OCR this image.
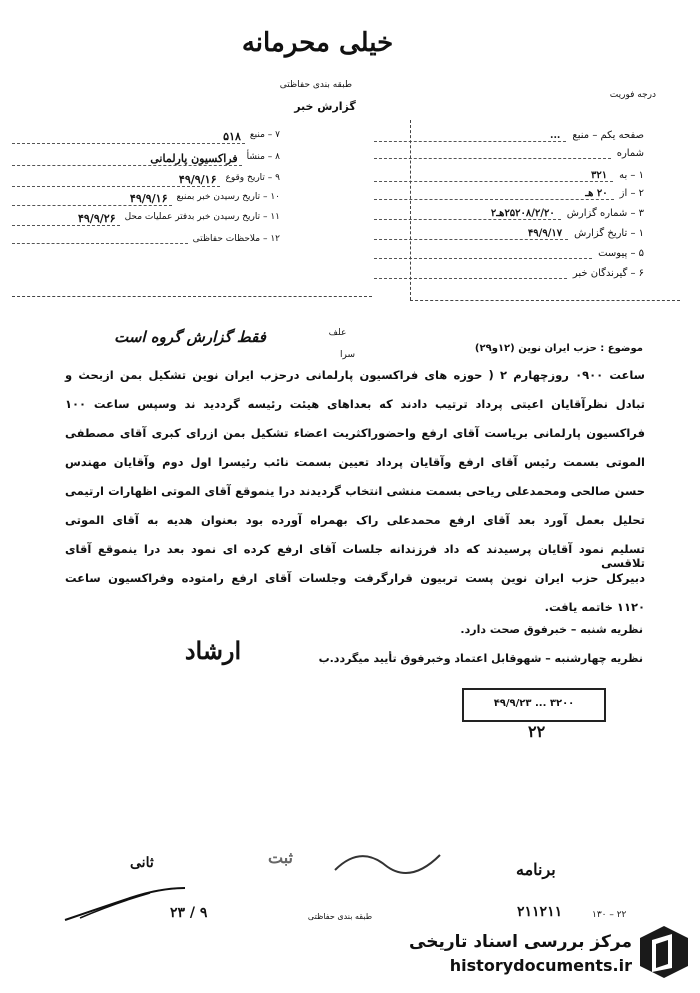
خیلی محرمانه
طبقه بندی حفاظتی
گزارش خبر
درجه فوریت
صفحه یکم – منبع
...
شماره
۱ – به
۳۲۱
۲ – از
۲۰ هـ
۳ – شماره گزارش
۲۵۲۰۸/۲/۲۰هـ۲
۱ – تاریخ گزارش
۴۹/۹/۱۷
۵ – پیوست
۶ – گیرندگان خبر
۷ – منبع
۵۱۸
۸ – منشأ
فراکسیون پارلمانی
۹ – تاریخ وقوع
۴۹/۹/۱۶
۱۰ – تاریخ رسیدن خبر بمنبع
۴۹/۹/۱۶
۱۱ – تاریخ رسیدن خبر بدفتر عملیات محل
۴۹/۹/۲۶
۱۲ – ملاحظات حفاظتی
فقط گزارش گروه است	علف
سرا
موضوع : حزب ایران نوین (۱۲و۲۹)
ساعت ۰۹۰۰ روزچهارم ۲ ( حوزه های فراکسیون پارلمانی درحزب ایران نوین تشکیل بمن ازبحث و
تبادل نظرآقایان اعیتی پرداد ترتیب دادند که بعداهای هیئت رئیسه گرددید ند وسپس ساعت ۱۰۰
فراکسیون پارلمانی بریاست آقای ارفع واحضوراکثریت اعضاء تشکیل بمن ازرای کبری آقای مصطفی
الموتی بسمت رئیس آقای ارفع وآقایان پرداد تعیین بسمت نائب رئیسرا اول دوم وآقایان مهندس
حسن صالحی ومحمدعلی ریاحی بسمت منشی انتخاب گردیدند درا ینموقع آقای الموتی اظهارات ارتیمی
تحلیل بعمل آورد بعد آقای ارفع محمدعلی راک بهمراه آورده بود بعنوان هدیه به آقای الموتی
تسلیم نمود آقایان پرسیدند که داد فرزندانه جلسات آقای ارفع کرده ای نمود بعد درا ینموقع آقای تلاقسی
دبیرکل حزب ایران نوین پست تربیون قرارگرفت وجلسات آقای ارفع رامتوده وفراکسیون ساعت
۱۱۲۰ خاتمه یافت.
نظریه شنبه – خبرفوق صحت دارد.
نظریه چهارشنبه – شهوقابل اعتماد وخبرفوق تأیید میگردد.ب
ارشاد
۴۹/۹/۲۳ ... ۳۲۰۰
۲۲
ثانی
۲۳ / ۹
ثبت
برنامه
طبقه بندی حفاظتی	۲۱۱۲۱۱	۱۳۰ – ۲۲
مرکز بررسی اسناد تاریخی
historydocuments.ir
